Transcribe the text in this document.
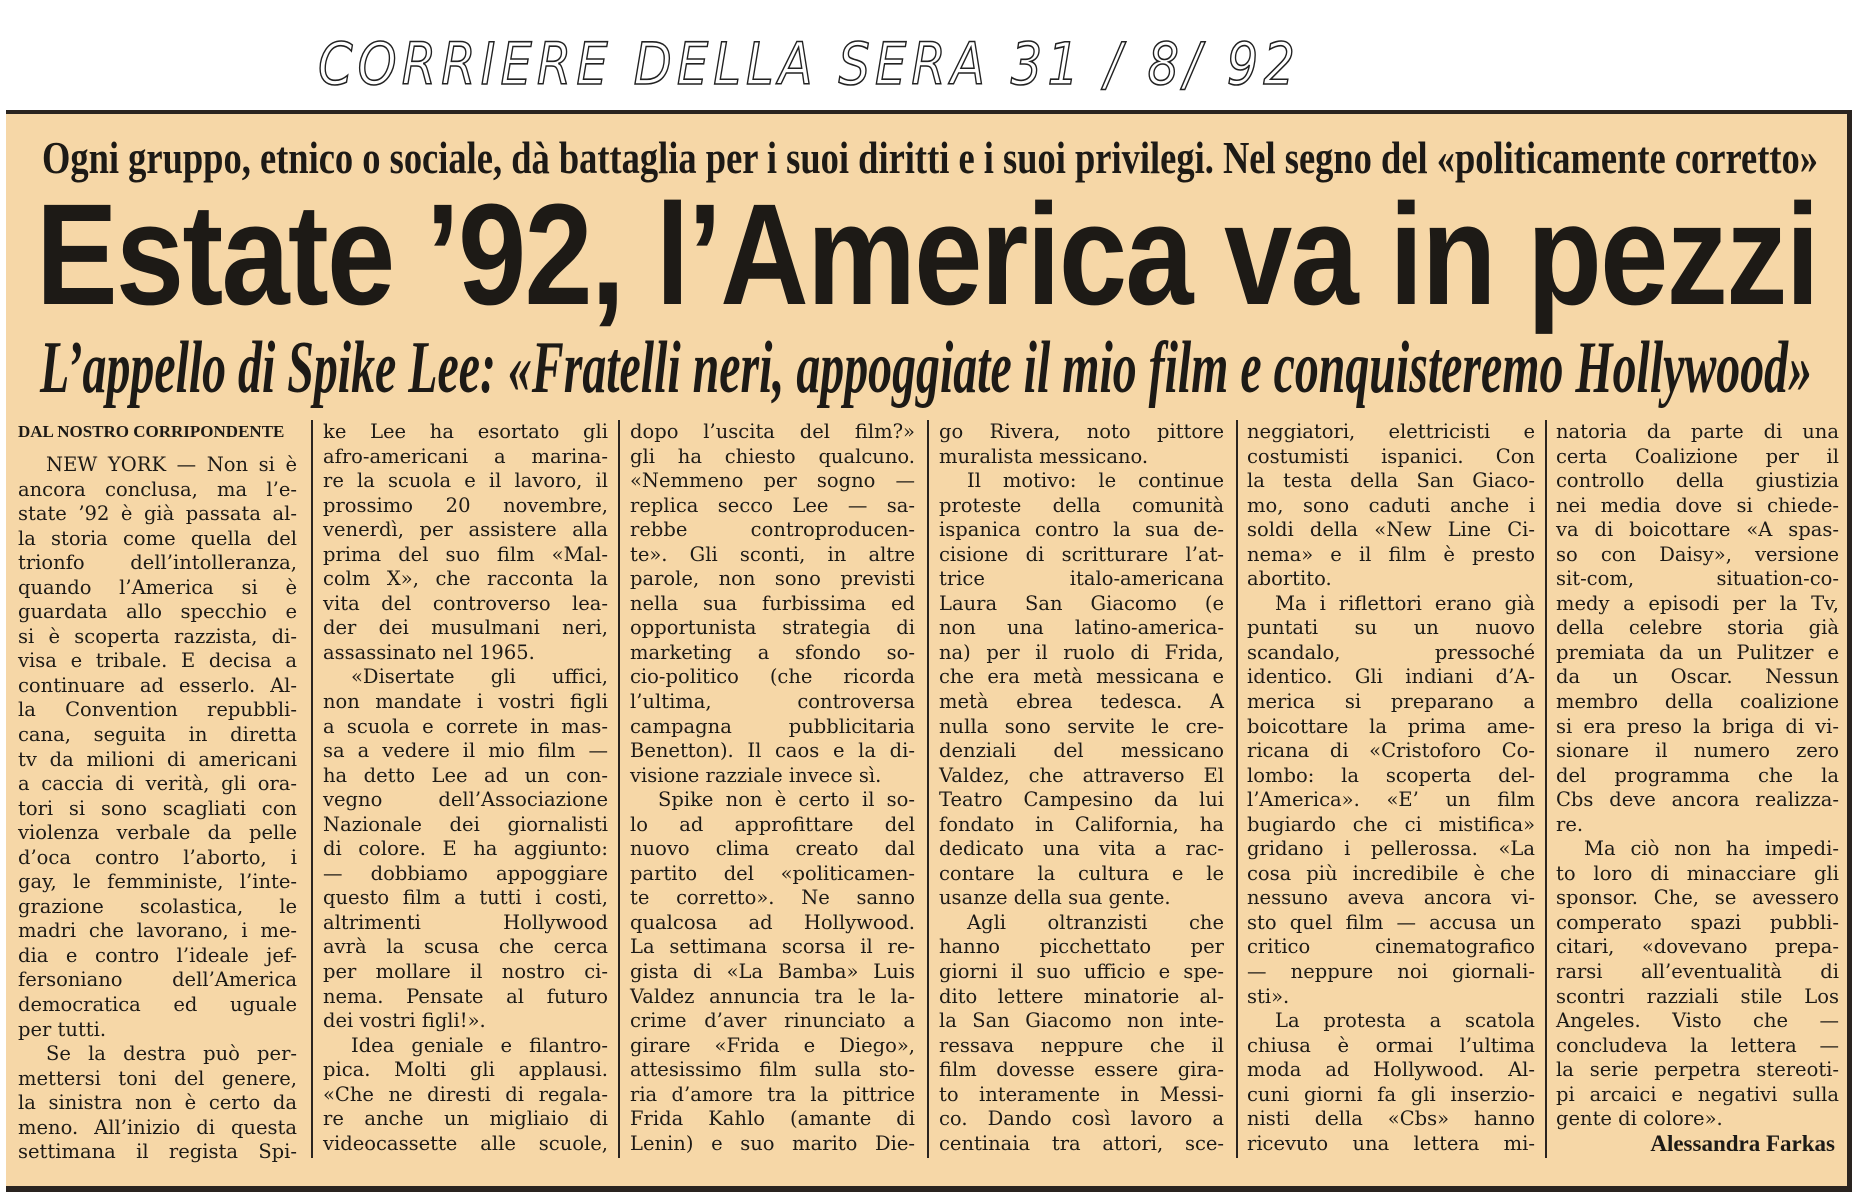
CORRIERE DELLA SERA 31 / 8/ 92
Ogni gruppo, etnico o sociale, dà battaglia per i suoi diritti e i suoi privilegi. Nel segno del «politicamente corretto»
Estate ’92, l’America va in pezzi
L’appello di Spike Lee: «Fratelli neri, appoggiate il mio film e conquisteremo Hollywood»
DAL NOSTRO CORRIPONDENTE
NEW YORK — Non si è
ancora conclusa, ma l’e-
state ’92 è già passata al-
la storia come quella del
trionfo dell’intolleranza,
quando l’America si è
guardata allo specchio e
si è scoperta razzista, di-
visa e tribale. E decisa a
continuare ad esserlo. Al-
la Convention repubbli-
cana, seguita in diretta
tv da milioni di americani
a caccia di verità, gli ora-
tori si sono scagliati con
violenza verbale da pelle
d’oca contro l’aborto, i
gay, le femministe, l’inte-
grazione scolastica, le
madri che lavorano, i me-
dia e contro l’ideale jef-
fersoniano dell’America
democratica ed uguale
per tutti.
Se la destra può per-
mettersi toni del genere,
la sinistra non è certo da
meno. All’inizio di questa
settimana il regista Spi-
ke Lee ha esortato gli
afro-americani a marina-
re la scuola e il lavoro, il
prossimo 20 novembre,
venerdì, per assistere alla
prima del suo film «Mal-
colm X», che racconta la
vita del controverso lea-
der dei musulmani neri,
assassinato nel 1965.
«Disertate gli uffici,
non mandate i vostri figli
a scuola e correte in mas-
sa a vedere il mio film —
ha detto Lee ad un con-
vegno dell’Associazione
Nazionale dei giornalisti
di colore. E ha aggiunto:
— dobbiamo appoggiare
questo film a tutti i costi,
altrimenti Hollywood
avrà la scusa che cerca
per mollare il nostro ci-
nema. Pensate al futuro
dei vostri figli!».
Idea geniale e filantro-
pica. Molti gli applausi.
«Che ne diresti di regala-
re anche un migliaio di
videocassette alle scuole,
dopo l’uscita del film?»
gli ha chiesto qualcuno.
«Nemmeno per sogno —
replica secco Lee — sa-
rebbe controproducen-
te». Gli sconti, in altre
parole, non sono previsti
nella sua furbissima ed
opportunista strategia di
marketing a sfondo so-
cio-politico (che ricorda
l’ultima, controversa
campagna pubblicitaria
Benetton). Il caos e la di-
visione razziale invece sì.
Spike non è certo il so-
lo ad approfittare del
nuovo clima creato dal
partito del «politicamen-
te corretto». Ne sanno
qualcosa ad Hollywood.
La settimana scorsa il re-
gista di «La Bamba» Luis
Valdez annuncia tra le la-
crime d’aver rinunciato a
girare «Frida e Diego»,
attesissimo film sulla sto-
ria d’amore tra la pittrice
Frida Kahlo (amante di
Lenin) e suo marito Die-
go Rivera, noto pittore
muralista messicano.
Il motivo: le continue
proteste della comunità
ispanica contro la sua de-
cisione di scritturare l’at-
trice italo-americana
Laura San Giacomo (e
non una latino-america-
na) per il ruolo di Frida,
che era metà messicana e
metà ebrea tedesca. A
nulla sono servite le cre-
denziali del messicano
Valdez, che attraverso El
Teatro Campesino da lui
fondato in California, ha
dedicato una vita a rac-
contare la cultura e le
usanze della sua gente.
Agli oltranzisti che
hanno picchettato per
giorni il suo ufficio e spe-
dito lettere minatorie al-
la San Giacomo non inte-
ressava neppure che il
film dovesse essere gira-
to interamente in Messi-
co. Dando così lavoro a
centinaia tra attori, sce-
neggiatori, elettricisti e
costumisti ispanici. Con
la testa della San Giaco-
mo, sono caduti anche i
soldi della «New Line Ci-
nema» e il film è presto
abortito.
Ma i riflettori erano già
puntati su un nuovo
scandalo, pressoché
identico. Gli indiani d’A-
merica si preparano a
boicottare la prima ame-
ricana di «Cristoforo Co-
lombo: la scoperta del-
l’America». «E’ un film
bugiardo che ci mistifica»
gridano i pellerossa. «La
cosa più incredibile è che
nessuno aveva ancora vi-
sto quel film — accusa un
critico cinematografico
— neppure noi giornali-
sti».
La protesta a scatola
chiusa è ormai l’ultima
moda ad Hollywood. Al-
cuni giorni fa gli inserzio-
nisti della «Cbs» hanno
ricevuto una lettera mi-
natoria da parte di una
certa Coalizione per il
controllo della giustizia
nei media dove si chiede-
va di boicottare «A spas-
so con Daisy», versione
sit-com, situation-co-
medy a episodi per la Tv,
della celebre storia già
premiata da un Pulitzer e
da un Oscar. Nessun
membro della coalizione
si era preso la briga di vi-
sionare il numero zero
del programma che la
Cbs deve ancora realizza-
re.
Ma ciò non ha impedi-
to loro di minacciare gli
sponsor. Che, se avessero
comperato spazi pubbli-
citari, «dovevano prepa-
rarsi all’eventualità di
scontri razziali stile Los
Angeles. Visto che —
concludeva la lettera —
la serie perpetra stereoti-
pi arcaici e negativi sulla
gente di colore».
Alessandra Farkas
